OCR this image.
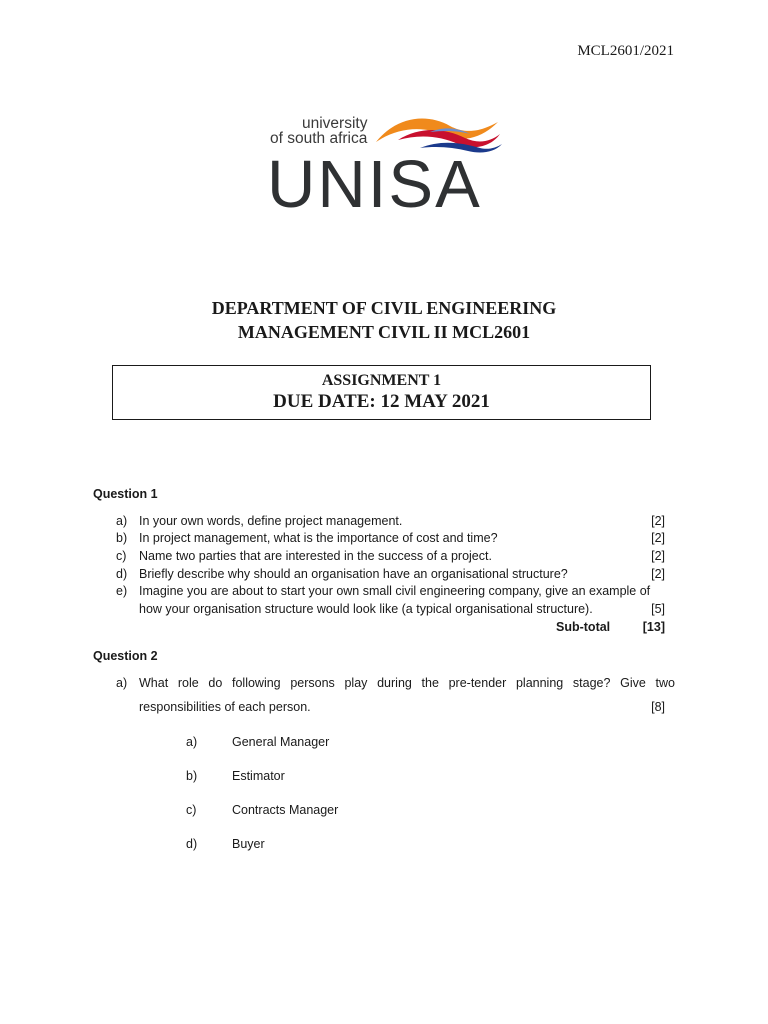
MCL2601/2021
university
of south africa
UNISA
DEPARTMENT OF CIVIL ENGINEERING
MANAGEMENT CIVIL II MCL2601
ASSIGNMENT 1
DUE DATE: 12 MAY 2021
Question 1
a) In your own words, define project management.	[2]
b) In project management, what is the importance of cost and time?	[2]
c) Name two parties that are interested in the success of a project.	[2]
d) Briefly describe why should an organisation have an organisational structure?	[2]
e) Imagine you are about to start your own small civil engineering company, give an example of
how your organisation structure would look like (a typical organisational structure).	[5]
Sub-total	[13]
Question 2
a) What role do following persons play during the pre-tender planning stage? Give two
responsibilities of each person.	[8]
a)	General Manager
b)	Estimator
c)	Contracts Manager
d)	Buyer
